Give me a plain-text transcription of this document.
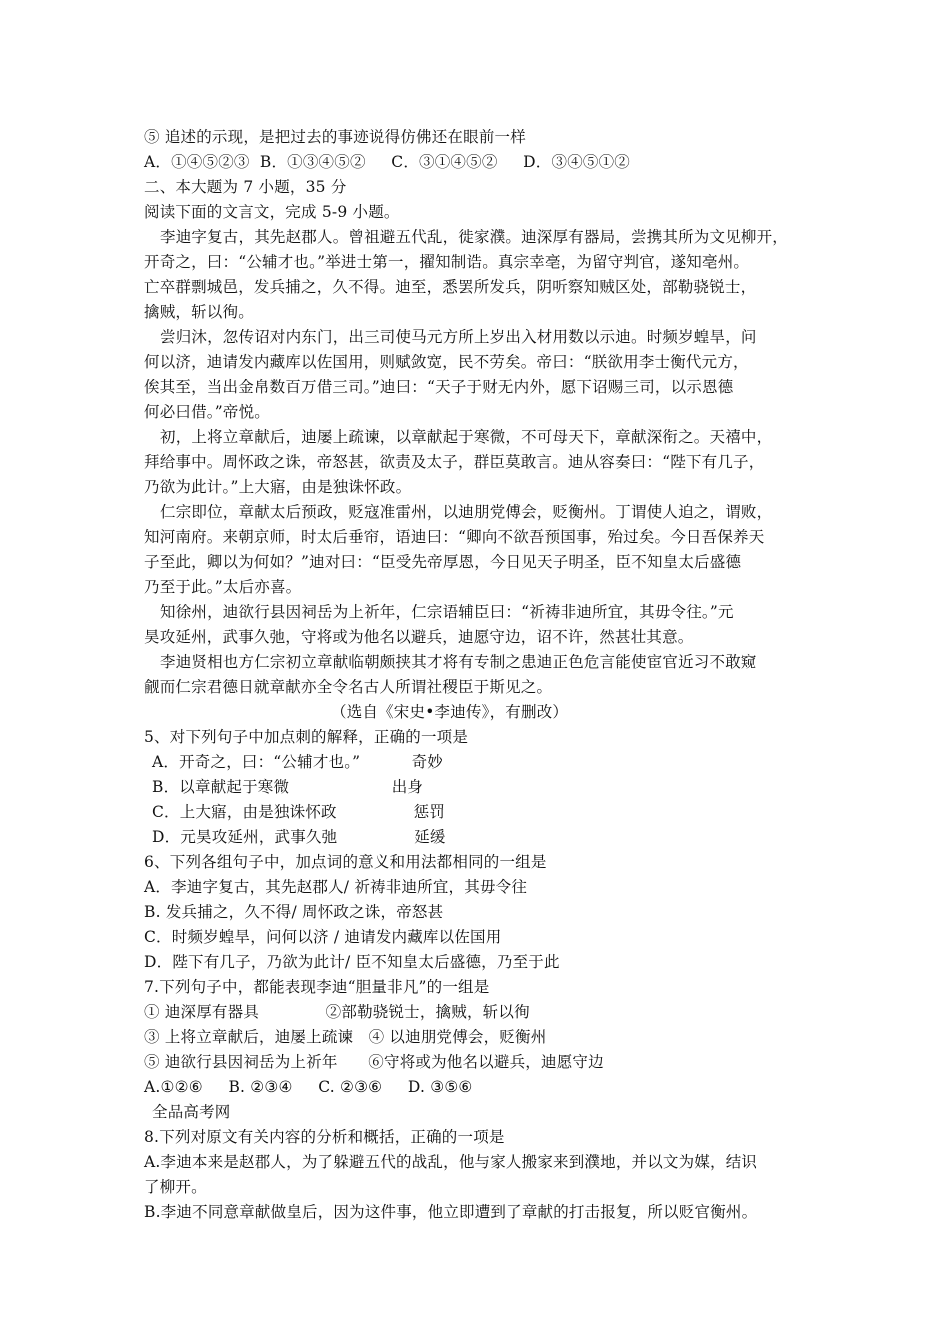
⑤ 追述的示现，是把过去的事迹说得仿佛还在眼前一样
A．①④⑤②③  B．①③④⑤②     C．③①④⑤②     D．③④⑤①②
二、本大题为 7 小题，35 分
阅读下面的文言文，完成 5-9 小题。
李迪字复古，其先赵郡人。曾祖避五代乱，徙家濮。迪深厚有器局，尝携其所为文见柳开，
开奇之，曰：“公辅才也。”举进士第一，擢知制诰。真宗幸亳，为留守判官，遂知亳州。
亡卒群剽城邑，发兵捕之，久不得。迪至，悉罢所发兵，阴听察知贼区处，部勒骁锐士，
擒贼，斩以徇。
尝归沐，忽传诏对内东门，出三司使马元方所上岁出入材用数以示迪。时频岁蝗旱，问
何以济，迪请发内藏库以佐国用，则赋敛宽，民不劳矣。帝曰：“朕欲用李士衡代元方，
俟其至，当出金帛数百万借三司。”迪曰：“天子于财无内外，愿下诏赐三司，以示恩德
何必曰借。”帝悦。
初，上将立章献后，迪屡上疏谏，以章献起于寒微，不可母天下，章献深衔之。天禧中，
拜给事中。周怀政之诛，帝怒甚，欲责及太子，群臣莫敢言。迪从容奏曰：“陛下有几子，
乃欲为此计。”上大寤，由是独诛怀政。
仁宗即位，章献太后预政，贬寇准雷州，以迪朋党傅会，贬衡州。丁谓使人迫之，谓败，
知河南府。来朝京师，时太后垂帘，语迪曰：“卿向不欲吾预国事，殆过矣。今日吾保养天
子至此，卿以为何如？”迪对曰：“臣受先帝厚恩，今日见天子明圣，臣不知皇太后盛德
乃至于此。”太后亦喜。
知徐州，迪欲行县因祠岳为上祈年，仁宗语辅臣曰：“祈祷非迪所宜，其毋令往。”元
昊攻延州，武事久弛，守将或为他名以避兵，迪愿守边，诏不许，然甚壮其意。
李迪贤相也方仁宗初立章献临朝颇挟其才将有专制之患迪正色危言能使宦官近习不敢窥
觎而仁宗君德日就章献亦全令名古人所谓社稷臣于斯见之。
（选自《宋史•李迪传》，有删改）
5、对下列句子中加点刺的解释，正确的一项是
A．开奇之，曰：“公辅才也。”          奇妙
B．以章献起于寒微                    出身
C．上大寤，由是独诛怀政               惩罚
D．元昊攻延州，武事久弛               延缓
6、下列各组句子中，加点词的意义和用法都相同的一组是
A．李迪字复古，其先赵郡人/ 祈祷非迪所宜，其毋令往
B. 发兵捕之，久不得/ 周怀政之诛，帝怒甚
C．时频岁蝗旱，问何以济 / 迪请发内藏库以佐国用
D．陛下有几子，乃欲为此计/ 臣不知皇太后盛德，乃至于此
7.下列句子中，都能表现李迪“胆量非凡”的一组是
① 迪深厚有器具             ②部勒骁锐士，擒贼，斩以徇
③ 上将立章献后，迪屡上疏谏   ④ 以迪朋党傅会，贬衡州
⑤ 迪欲行县因祠岳为上祈年      ⑥守将或为他名以避兵，迪愿守边
A.①②⑥     B. ②③④     C. ②③⑥     D. ③⑤⑥
全品高考网
8.下列对原文有关内容的分析和概括，正确的一项是
A.李迪本来是赵郡人，为了躲避五代的战乱，他与家人搬家来到濮地，并以文为媒，结识
了柳开。
B.李迪不同意章献做皇后，因为这件事，他立即遭到了章献的打击报复，所以贬官衡州。
